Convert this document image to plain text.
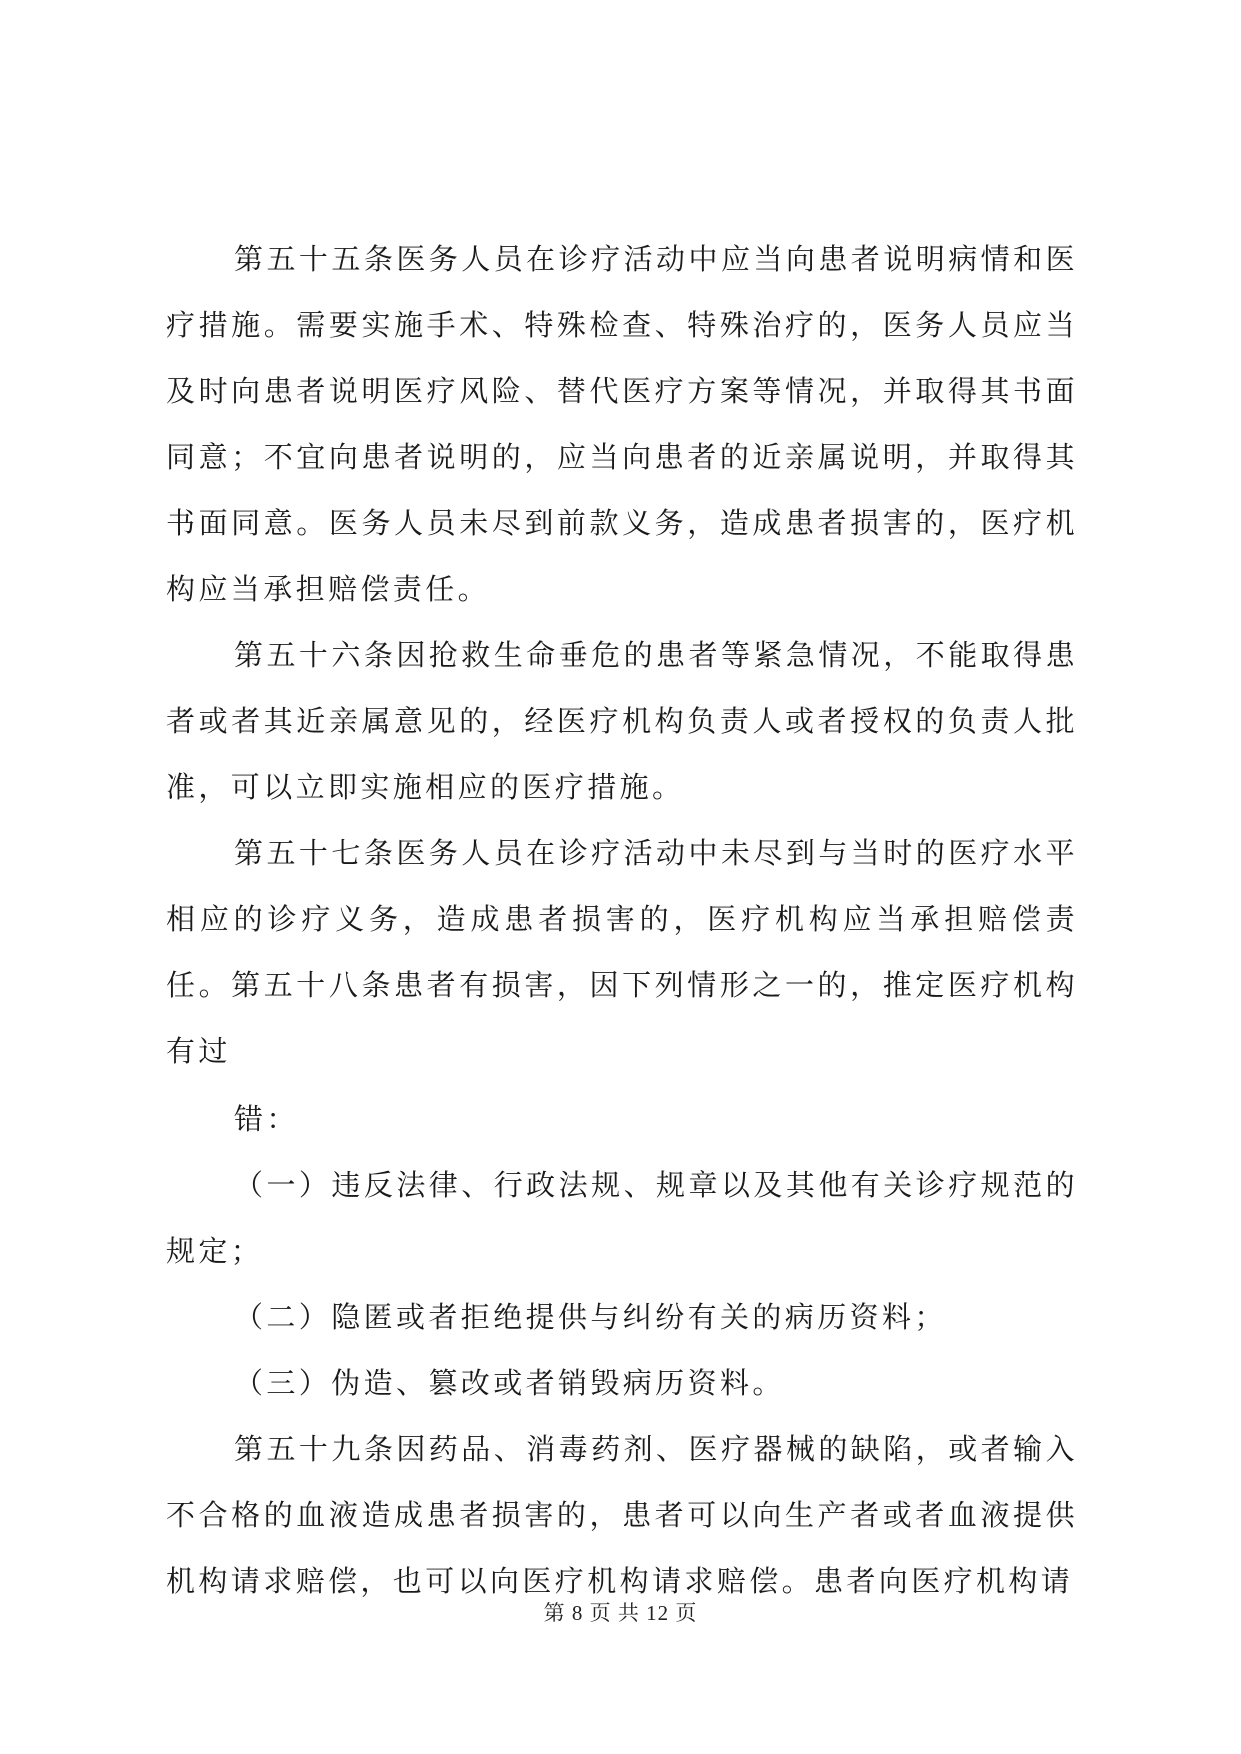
第五十五条医务人员在诊疗活动中应当向患者说明病情和医疗措施。需要实施手术、特殊检查、特殊治疗的，医务人员应当及时向患者说明医疗风险、替代医疗方案等情况，并取得其书面同意；不宜向患者说明的，应当向患者的近亲属说明，并取得其书面同意。医务人员未尽到前款义务，造成患者损害的，医疗机构应当承担赔偿责任。

第五十六条因抢救生命垂危的患者等紧急情况，不能取得患者或者其近亲属意见的，经医疗机构负责人或者授权的负责人批准，可以立即实施相应的医疗措施。

第五十七条医务人员在诊疗活动中未尽到与当时的医疗水平相应的诊疗义务，造成患者损害的，医疗机构应当承担赔偿责任。第五十八条患者有损害，因下列情形之一的，推定医疗机构有过

错：

（一）违反法律、行政法规、规章以及其他有关诊疗规范的规定；

（二）隐匿或者拒绝提供与纠纷有关的病历资料；

（三）伪造、篡改或者销毁病历资料。

第五十九条因药品、消毒药剂、医疗器械的缺陷，或者输入不合格的血液造成患者损害的，患者可以向生产者或者血液提供机构请求赔偿，也可以向医疗机构请求赔偿。患者向医疗机构请

第 8 页 共 12 页
